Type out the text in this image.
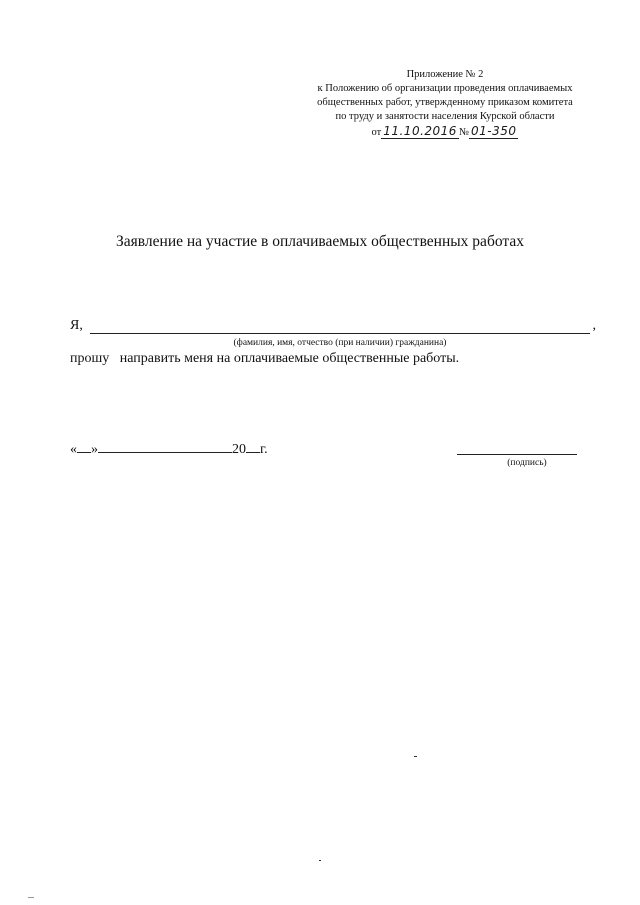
Приложение № 2
к Положению об организации проведения оплачиваемых
общественных работ, утвержденному приказом комитета
по труду и занятости населения Курской области
от 11.10.2016 № 01-350
Заявление на участие в оплачиваемых общественных работах
Я,	,
(фамилия, имя, отчество (при наличии) гражданина)
прошу   направить меня на оплачиваемые общественные работы.
« »	20 г.
(подпись)
